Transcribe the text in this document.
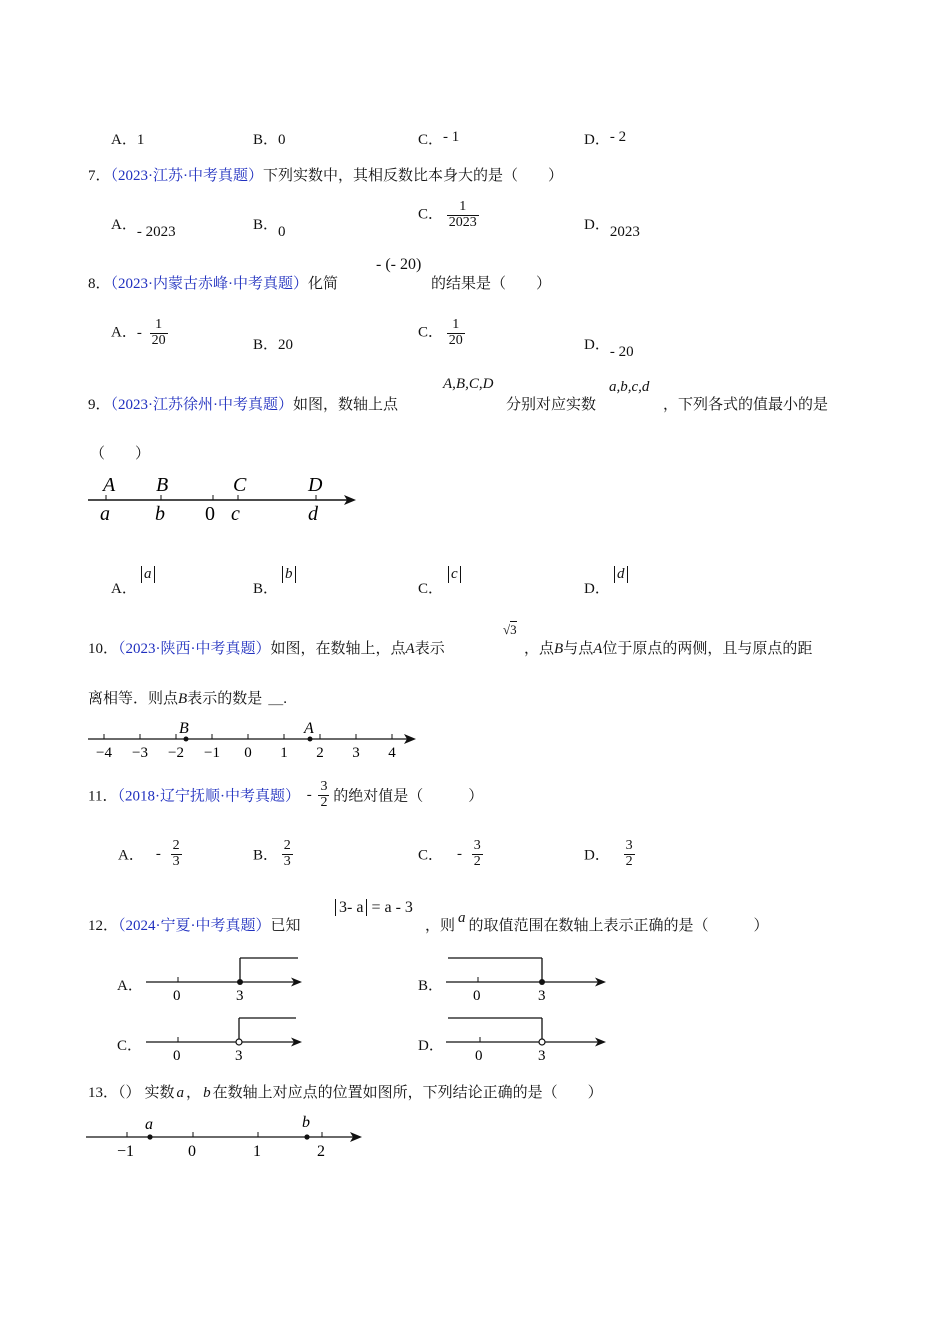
A．1	B．0	C．- 1	D．- 2
7．（2023·江苏·中考真题）下列实数中，其相反数比本身大的是（　　）
A．- 2023	B．0
C． $\frac{1}{2023}$	D．2023
8．（2023·内蒙古赤峰·中考真题）化简
- (- 20)
的结果是（　　）
A．- $\frac{1}{20}$	B．20
C． $\frac{1}{20}$	D．- 20
9．（2023·江苏徐州·中考真题）如图，数轴上点
A,B,C,D
分别对应实数
a,b,c,d
，下列各式的值最小的是
（　　）
A B	C	D
a b 0 c	d
A．
a
B．
b
C．
c
D．
d
10．（2023·陕西·中考真题）如图，在数轴上，点A表示
√3
，点B与点A位于原点的两侧，且与原点的距
离相等．则点B表示的数是 ＿.
−4 −3 −2 −1 0 1 2 3 4
B	A
11．（2018·辽宁抚顺·中考真题） - $\frac{3}{2}$ 的绝对值是（　　　）
A． - $\frac{2}{3}$	B． $\frac{2}{3}$	C． - $\frac{3}{2}$	D． $\frac{3}{2}$
12．（2024·宁夏·中考真题）已知
3- a = a - 3
，则 a 的取值范围在数轴上表示正确的是（　　　）
A．
0	3
B．
0	3
C．
0	3
D．
0	3
13．（） 实数 a ， b 在数轴上对应点的位置如图所，下列结论正确的是（　　）
a	b
−1	0	1	2
